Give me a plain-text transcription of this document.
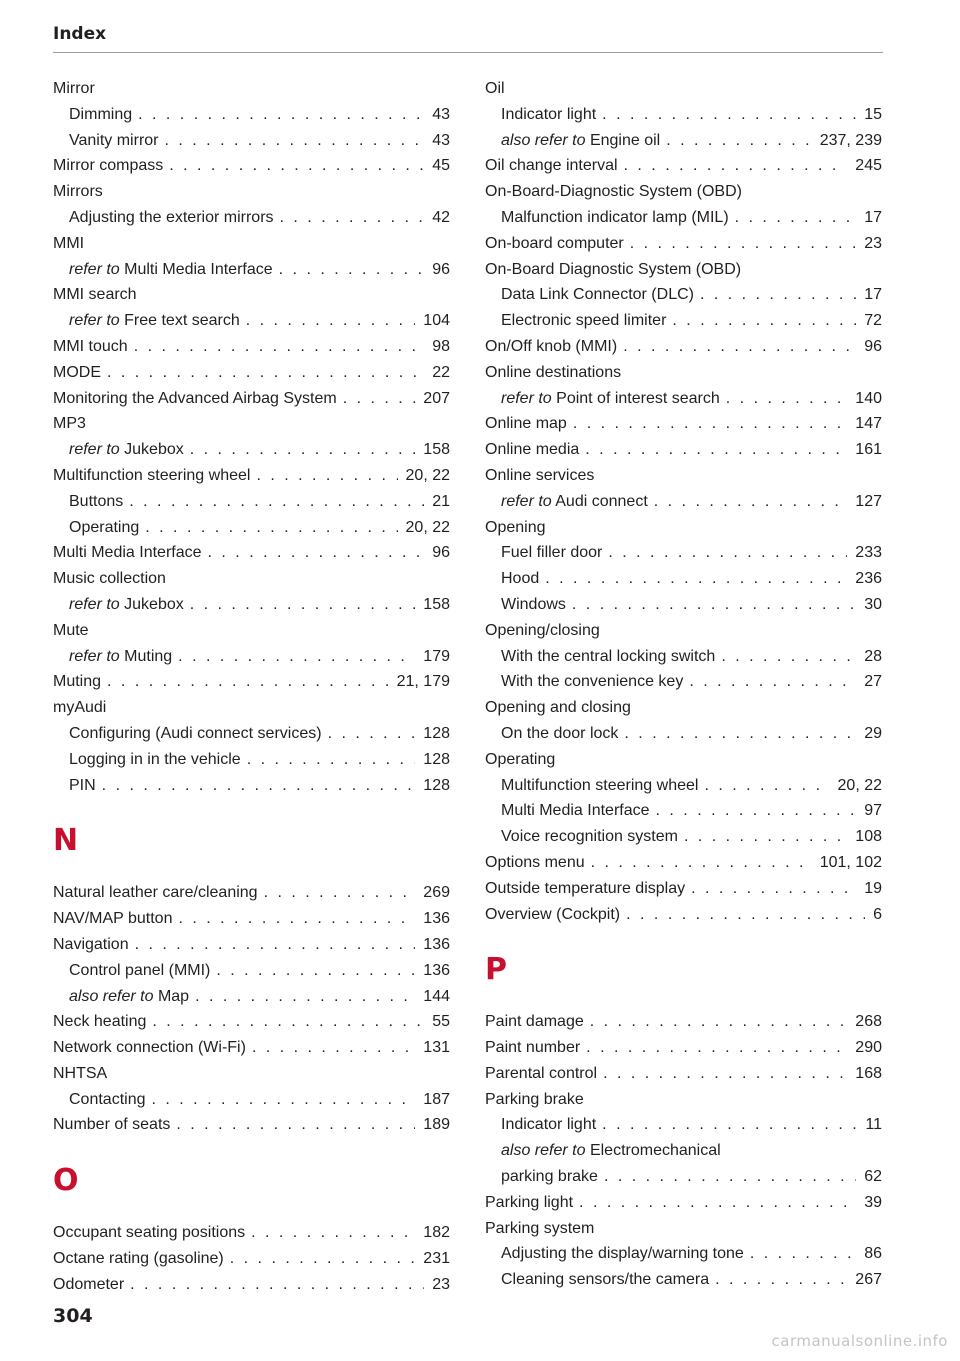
Index
Mirror
Dimming . . .	43
Vanity mirror . . .	43
Mirror compass . . .	45
Mirrors
Adjusting the exterior mirrors . . .	42
MMI
refer to Multi Media Interface . . .	96
MMI search
refer to Free text search . . .	104
MMI touch . . .	98
MODE . . .	22
Monitoring the Advanced Airbag System . . .	207
MP3
refer to Jukebox . . .	158
Multifunction steering wheel . . .	20, 22
Buttons . . .	21
Operating . . .	20, 22
Multi Media Interface . . .	96
Music collection
refer to Jukebox . . .	158
Mute
refer to Muting . . .	179
Muting . . .	21, 179
myAudi
Configuring (Audi connect services) . . .	128
Logging in in the vehicle . . .	128
PIN . . .	128
N
Natural leather care/cleaning . . .	269
NAV/MAP button . . .	136
Navigation . . .	136
Control panel (MMI) . . .	136
also refer to Map . . .	144
Neck heating . . .	55
Network connection (Wi-Fi) . . .	131
NHTSA
Contacting . . .	187
Number of seats . . .	189
O
Occupant seating positions . . .	182
Octane rating (gasoline) . . .	231
Odometer . . .	23
Oil
Indicator light . . .	15
also refer to Engine oil . . .	237, 239
Oil change interval . . .	245
On-Board-Diagnostic System (OBD)
Malfunction indicator lamp (MIL) . . .	17
On-board computer . . .	23
On-Board Diagnostic System (OBD)
Data Link Connector (DLC) . . .	17
Electronic speed limiter . . .	72
On/Off knob (MMI) . . .	96
Online destinations
refer to Point of interest search . . .	140
Online map . . .	147
Online media . . .	161
Online services
refer to Audi connect . . .	127
Opening
Fuel filler door . . .	233
Hood . . .	236
Windows . . .	30
Opening/closing
With the central locking switch . . .	28
With the convenience key . . .	27
Opening and closing
On the door lock . . .	29
Operating
Multifunction steering wheel . . .	20, 22
Multi Media Interface . . .	97
Voice recognition system . . .	108
Options menu . . .	101, 102
Outside temperature display . . .	19
Overview (Cockpit) . . .	6
P
Paint damage . . .	268
Paint number . . .	290
Parental control . . .	168
Parking brake
Indicator light . . .	11
also refer to Electromechanical
parking brake . . .	62
Parking light . . .	39
Parking system
Adjusting the display/warning tone . . .	86
Cleaning sensors/the camera . . .	267
304
carmanualsonline.info
